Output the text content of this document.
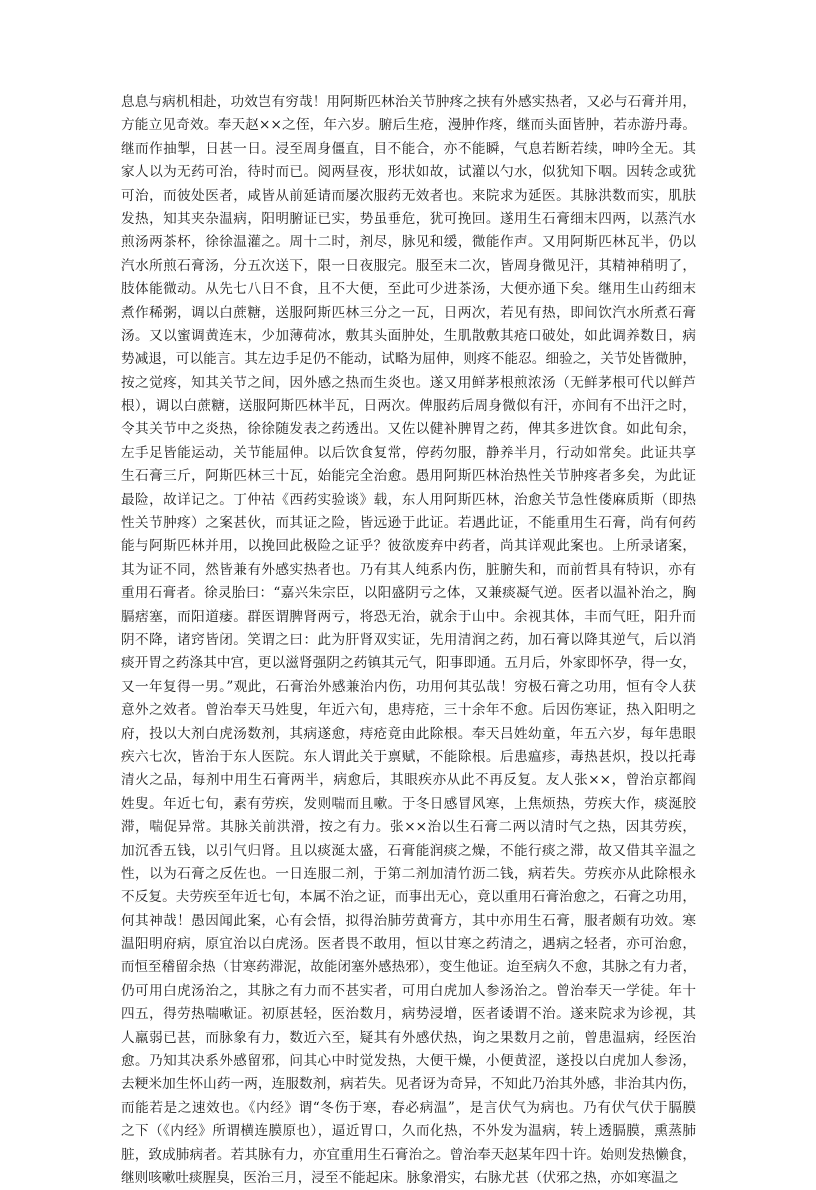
息息与病机相赴，功效岂有穷哉！用阿斯匹林治关节肿疼之挟有外感实热者，又必与石膏并用，
方能立见奇效。奉天赵××之侄，年六岁。腑后生疮，漫肿作疼，继而头面皆肿，若赤游丹毒。
继而作抽掣，日甚一日。浸至周身僵直，目不能合，亦不能瞬，气息若断若续，呻吟全无。其
家人以为无药可治，待时而已。阅两昼夜，形状如故，试灌以勺水，似犹知下咽。因转念或犹
可治，而彼处医者，咸皆从前延请而屡次服药无效者也。来院求为延医。其脉洪数而实，肌肤
发热，知其夹杂温病，阳明腑证已实，势虽垂危，犹可挽回。遂用生石膏细末四两，以蒸汽水
煎汤两茶杯，徐徐温灌之。周十二时，剂尽，脉见和缓，微能作声。又用阿斯匹林瓦半，仍以
汽水所煎石膏汤，分五次送下，限一日夜服完。服至末二次，皆周身微见汗，其精神稍明了，
肢体能微动。从先七八日不食，且不大便，至此可少进茶汤，大便亦通下矣。继用生山药细末
煮作稀粥，调以白蔗糖，送服阿斯匹林三分之一瓦，日两次，若见有热，即间饮汽水所煮石膏
汤。又以蜜调黄连末，少加薄荷冰，敷其头面肿处，生肌散敷其疮口破处，如此调养数日，病
势减退，可以能言。其左边手足仍不能动，试略为屈伸，则疼不能忍。细验之，关节处皆微肿，
按之觉疼，知其关节之间，因外感之热而生炎也。遂又用鲜茅根煎浓汤（无鲜茅根可代以鲜芦
根），调以白蔗糖，送服阿斯匹林半瓦，日两次。俾服药后周身微似有汗，亦间有不出汗之时，
令其关节中之炎热，徐徐随发表之药透出。又佐以健补脾胃之药，俾其多进饮食。如此旬余，
左手足皆能运动，关节能屈伸。以后饮食复常，停药勿服，静养半月，行动如常矣。此证共享
生石膏三斤，阿斯匹林三十瓦，始能完全治愈。愚用阿斯匹林治热性关节肿疼者多矣，为此证
最险，故详记之。丁仲祜《西药实验谈》载，东人用阿斯匹林，治愈关节急性偻麻质斯（即热
性关节肿疼）之案甚伙，而其证之险，皆远逊于此证。若遇此证，不能重用生石膏，尚有何药
能与阿斯匹林并用，以挽回此极险之证乎？彼欲废弃中药者，尚其详观此案也。上所录诸案，
其为证不同，然皆兼有外感实热者也。乃有其人纯系内伤，脏腑失和，而前哲具有特识，亦有
重用石膏者。徐灵胎曰：“嘉兴朱宗臣，以阳盛阴亏之体，又兼痰凝气逆。医者以温补治之，胸
膈痞塞，而阳道痿。群医谓脾肾两亏，将恐无治，就余于山中。余视其体，丰而气旺，阳升而
阴不降，诸窍皆闭。笑谓之曰：此为肝肾双实证，先用清润之药，加石膏以降其逆气，后以消
痰开胃之药涤其中宫，更以滋肾强阴之药镇其元气，阳事即通。五月后，外家即怀孕，得一女，
又一年复得一男。”观此，石膏治外感兼治内伤，功用何其弘哉！穷极石膏之功用，恒有令人获
意外之效者。曾治奉天马姓叟，年近六旬，患痔疮，三十余年不愈。后因伤寒证，热入阳明之
府，投以大剂白虎汤数剂，其病遂愈，痔疮竟由此除根。奉天吕姓幼童，年五六岁，每年患眼
疾六七次，皆治于东人医院。东人谓此关于禀赋，不能除根。后患瘟疹，毒热甚炽，投以托毒
清火之品，每剂中用生石膏两半，病愈后，其眼疾亦从此不再反复。友人张××，曾治京都阎
姓叟。年近七旬，素有劳疾，发则喘而且嗽。于冬日感冒风寒，上焦烦热，劳疾大作，痰涎胶
滞，喘促异常。其脉关前洪滑，按之有力。张××治以生石膏二两以清时气之热，因其劳疾，
加沉香五钱，以引气归肾。且以痰涎太盛，石膏能润痰之燥，不能行痰之滞，故又借其辛温之
性，以为石膏之反佐也。一日连服二剂，于第二剂加清竹沥二钱，病若失。劳疾亦从此除根永
不反复。夫劳疾至年近七旬，本属不治之证，而事出无心，竟以重用石膏治愈之，石膏之功用，
何其神哉！愚因闻此案，心有会悟，拟得治肺劳黄膏方，其中亦用生石膏，服者颇有功效。寒
温阳明府病，原宜治以白虎汤。医者畏不敢用，恒以甘寒之药清之，遇病之轻者，亦可治愈，
而恒至稽留余热（甘寒药滞泥，故能闭塞外感热邪），变生他证。迨至病久不愈，其脉之有力者，
仍可用白虎汤治之，其脉之有力而不甚实者，可用白虎加人参汤治之。曾治奉天一学徒。年十
四五，得劳热喘嗽证。初原甚轻，医治数月，病势浸增，医者诿谓不治。遂来院求为诊视，其
人羸弱已甚，而脉象有力，数近六至，疑其有外感伏热，询之果数月之前，曾患温病，经医治
愈。乃知其决系外感留邪，问其心中时觉发热，大便干燥，小便黄涩，遂投以白虎加人参汤，
去粳米加生怀山药一两，连服数剂，病若失。见者讶为奇异，不知此乃治其外感，非治其内伤，
而能若是之速效也。《内经》谓“冬伤于寒，春必病温”，是言伏气为病也。乃有伏气伏于膈膜
之下（《内经》所谓横连膜原也），逼近胃口，久而化热，不外发为温病，转上透膈膜，熏蒸肺
脏，致成肺病者。若其脉有力，亦宜重用生石膏治之。曾治奉天赵某年四十许。始则发热懒食，
继则咳嗽吐痰腥臭，医治三月，浸至不能起床。脉象滑实，右脉尤甚（伏邪之热，亦如寒温之
